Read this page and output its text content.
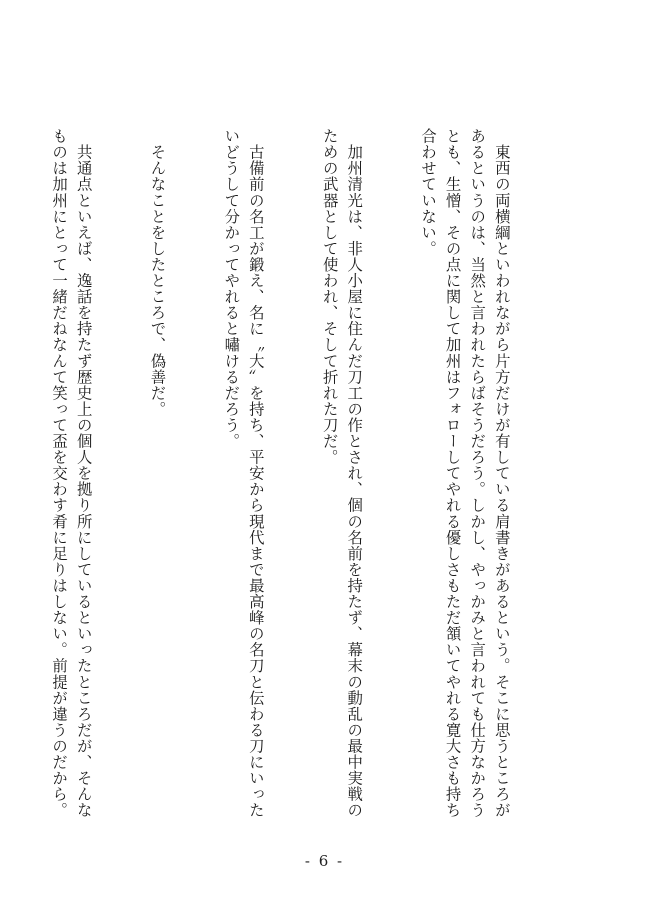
　東西の両横綱といわれながら片方だけが有している肩書きがあるという。そこに思うところがあるというのは、当然と言われたらばそうだろう。しかし、やっかみと言われても仕方なかろうとも、生憎、その点に関して加州はフォローしてやれる優しさもただ頷いてやれる寛大さも持ち合わせていない。

　加州清光は、非人小屋に住んだ刀工の作とされ、個の名前を持たず、幕末の動乱の最中実戦のための武器として使われ、そして折れた刀だ。

　古備前の名工が鍛え、名に〝大〟を持ち、平安から現代まで最高峰の名刀と伝わる刀にいったいどうして分かってやれると嘯けるだろう。

　そんなことをしたところで、偽善だ。

　共通点といえば、逸話を持たず歴史上の個人を拠り所にしているといったところだが、そんなものは加州にとって一緒だねなんて笑って盃を交わす肴に足りはしない。前提が違うのだから。

- 6 -
